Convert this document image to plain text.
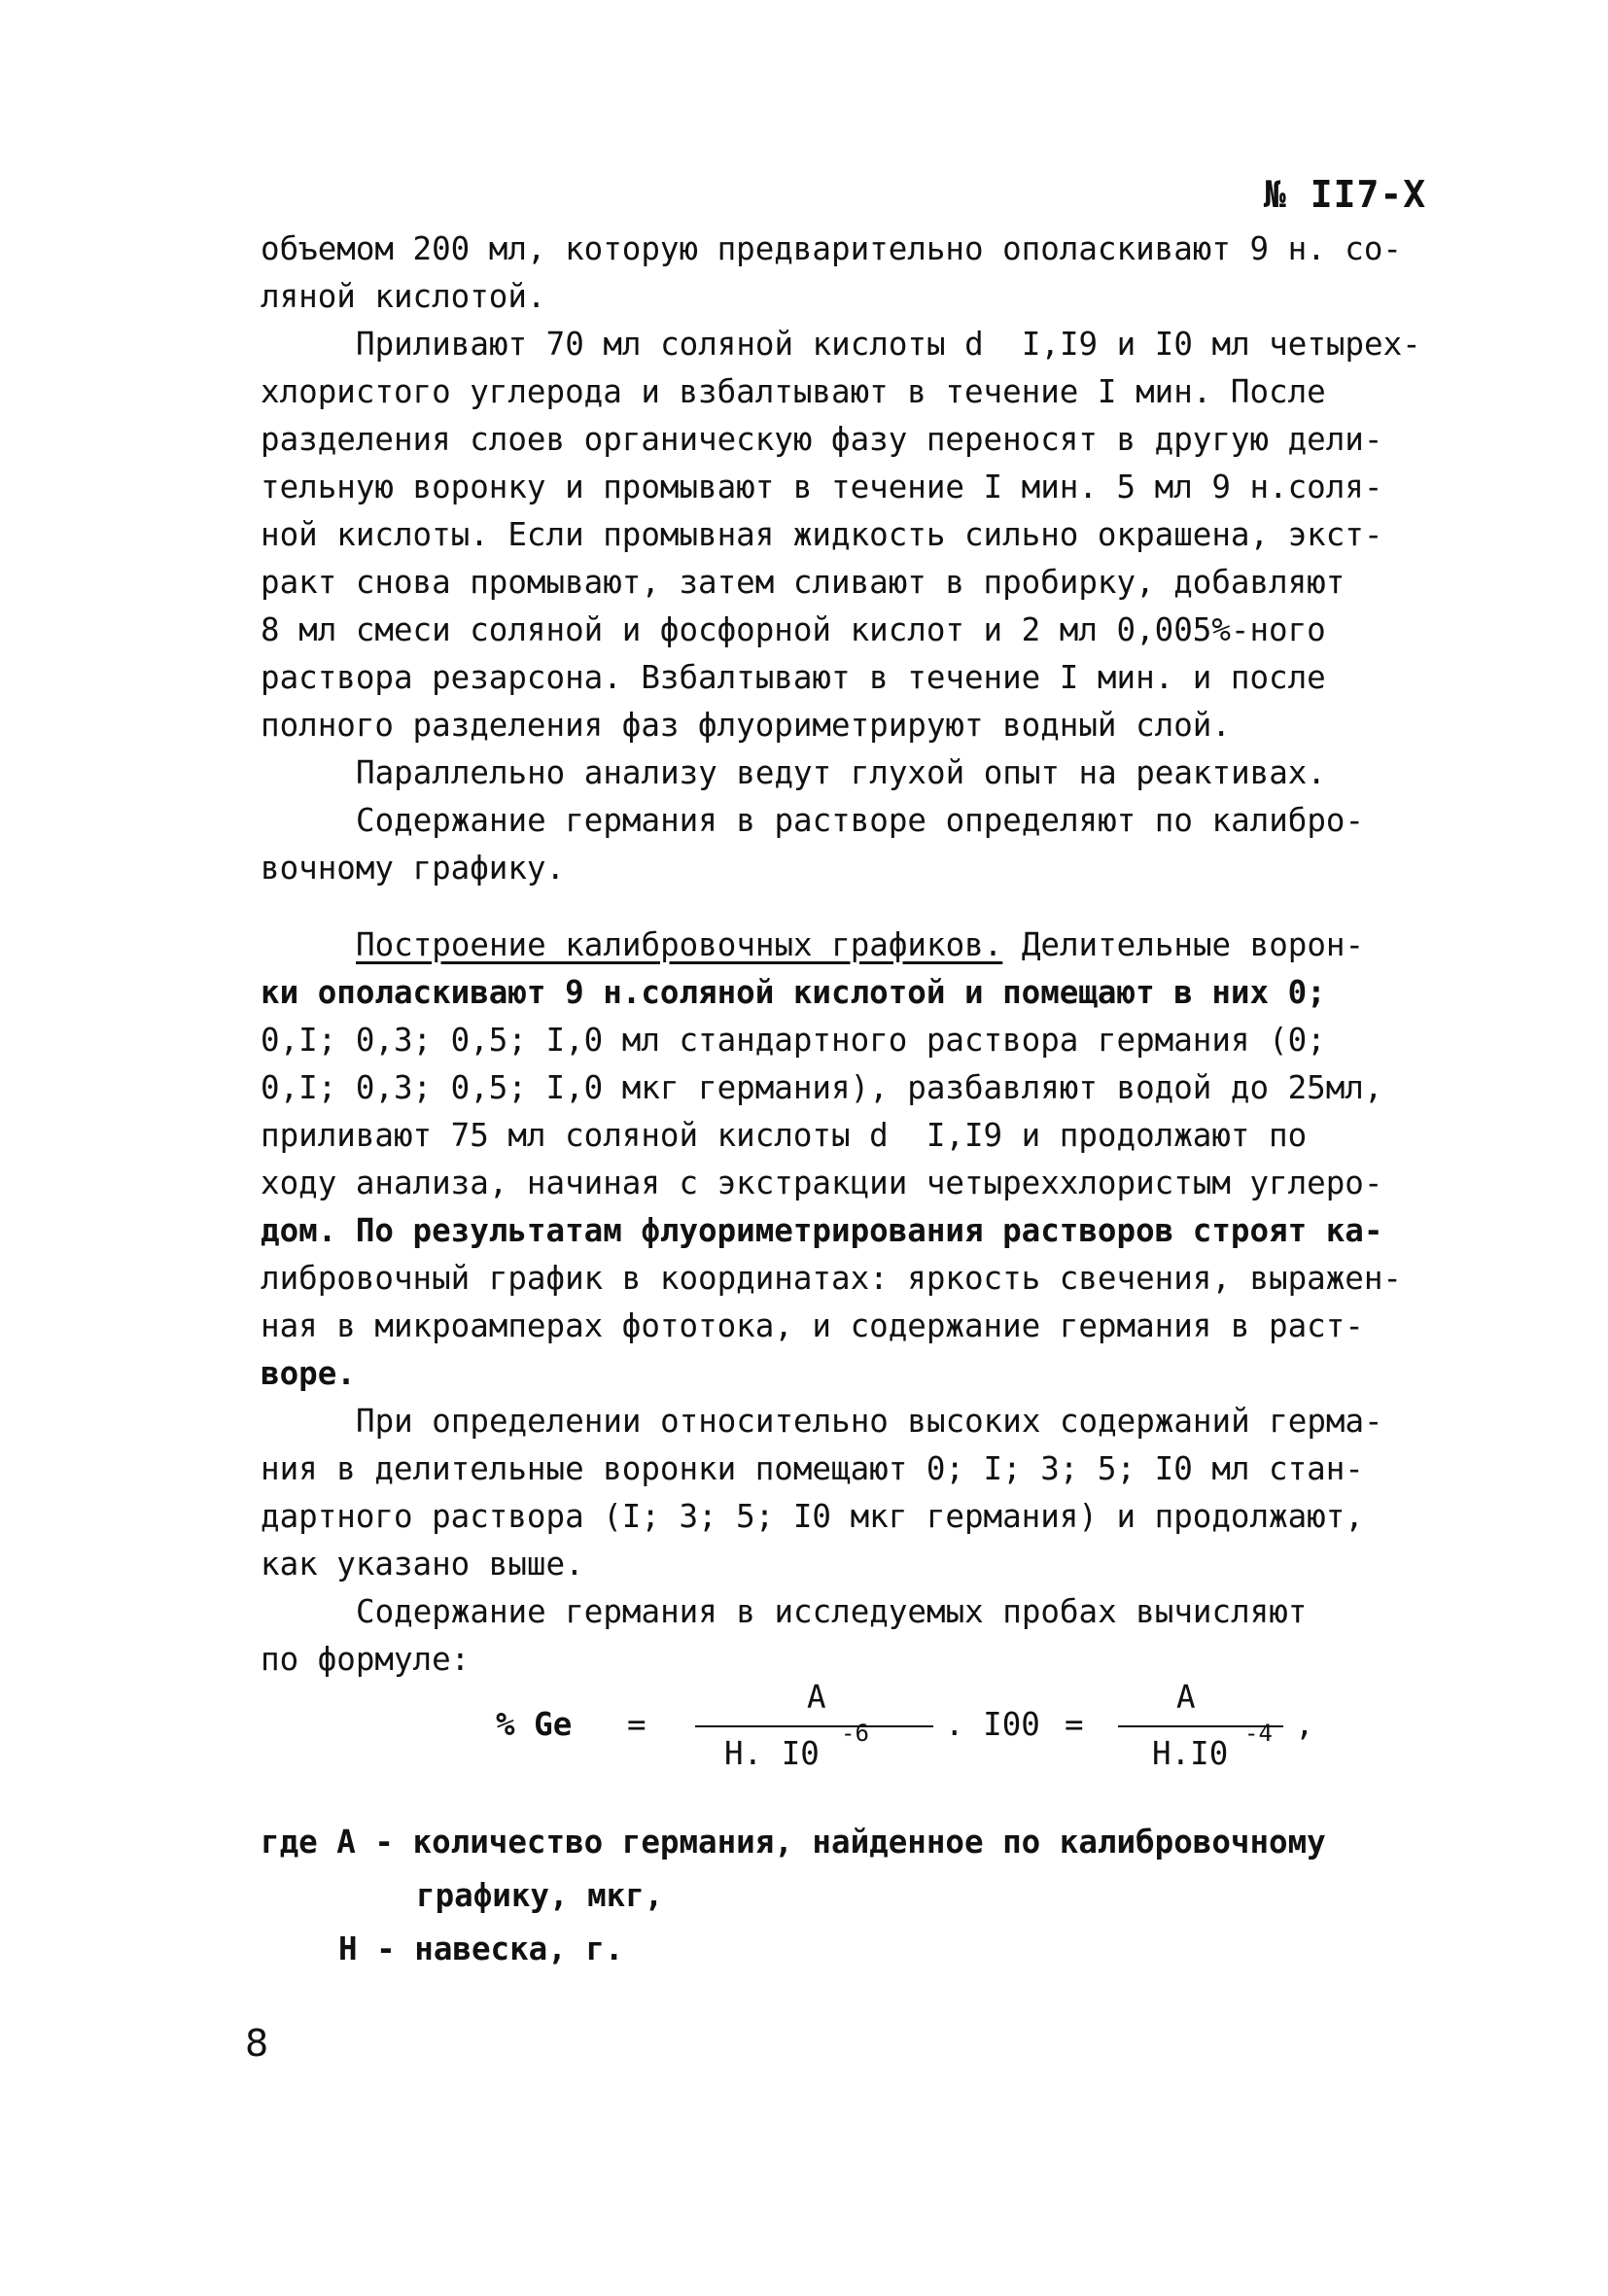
№ II7-X
объемом 200 мл, которую предварительно ополаскивают 9 н. со-
ляной кислотой.
Приливают 70 мл соляной кислоты d  I,I9 и I0 мл четырех-
хлористого углерода и взбалтывают в течение I мин. После
разделения слоев органическую фазу переносят в другую дели-
тельную воронку и промывают в течение I мин. 5 мл 9 н.соля-
ной кислоты. Если промывная жидкость сильно окрашена, экст-
ракт снова промывают, затем сливают в пробирку, добавляют
8 мл смеси соляной и фосфорной кислот и 2 мл 0,005%-ного
раствора резарсона. Взбалтывают в течение I мин. и после
полного разделения фаз флуориметрируют водный слой.
Параллельно анализу ведут глухой опыт на реактивах.
Содержание германия в растворе определяют по калибро-
вочному графику.
Построение калибровочных графиков. Делительные ворон-
ки ополаскивают 9 н.соляной кислотой и помещают в них 0;
0,I; 0,3; 0,5; I,0 мл стандартного раствора германия (0;
0,I; 0,3; 0,5; I,0 мкг германия), разбавляют водой до 25мл,
приливают 75 мл соляной кислоты d  I,I9 и продолжают по
ходу анализа, начиная с экстракции четыреххлористым углеро-
дом. По результатам флуориметрирования растворов строят ка-
либровочный график в координатах: яркость свечения, выражен-
ная в микроамперах фототока, и содержание германия в раст-
воре.
При определении относительно высоких содержаний герма-
ния в делительные воронки помещают 0; I; 3; 5; I0 мл стан-
дартного раствора (I; 3; 5; I0 мкг германия) и продолжают,
как указано выше.
Содержание германия в исследуемых пробах вычисляют
по формуле:
% Ge =
A
H. I0
-6 . I00 =
A
H.I0
-4 ,
где A - количество германия, найденное по калибровочному
графику, мкг,
H - навеска, г.
8
